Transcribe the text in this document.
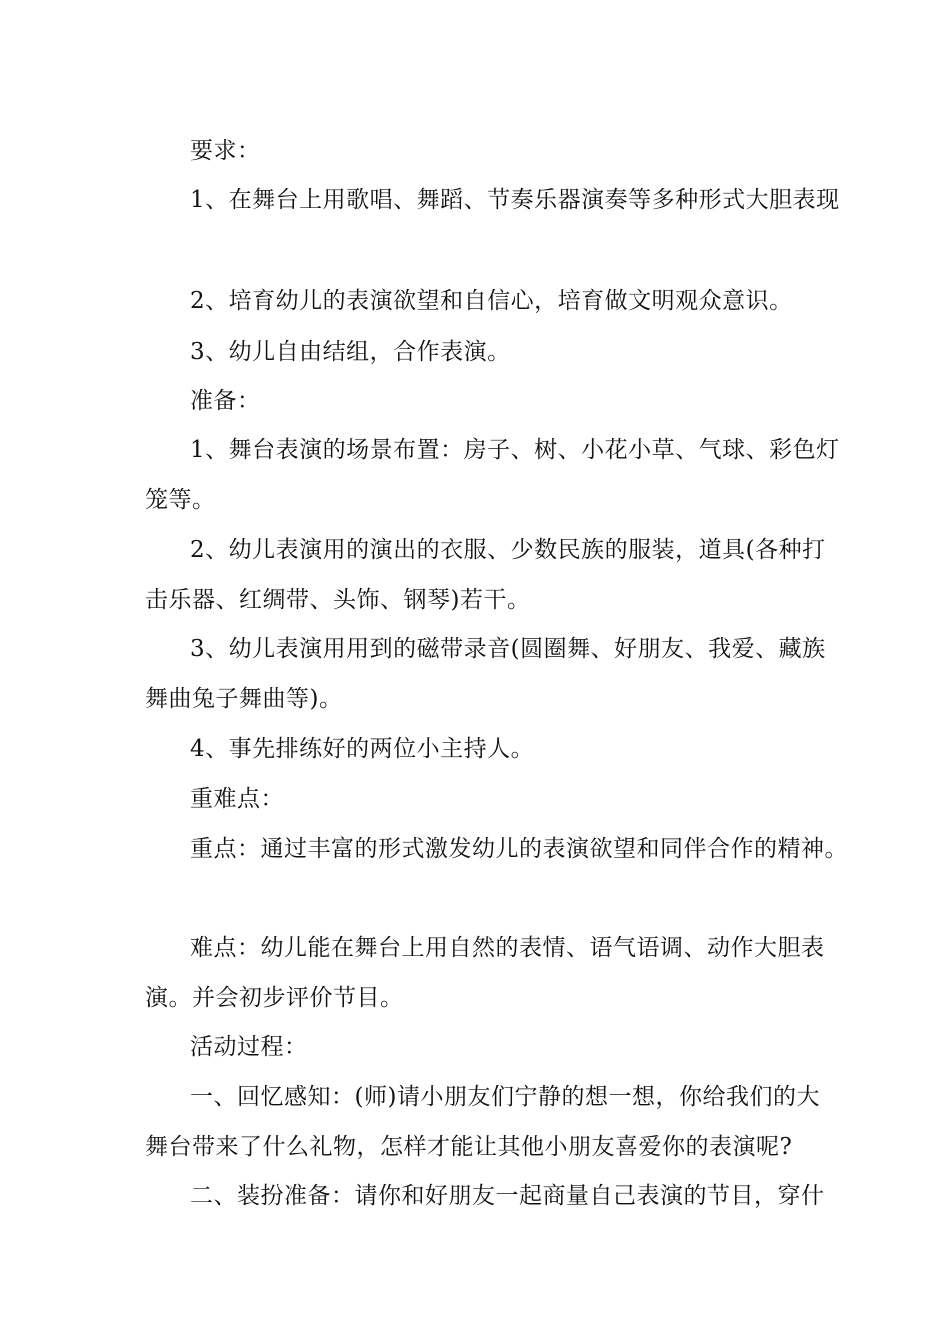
要求：
1、在舞台上用歌唱、舞蹈、节奏乐器演奏等多种形式大胆表现
2、培育幼儿的表演欲望和自信心，培育做文明观众意识。
3、幼儿自由结组，合作表演。
准备：
1、舞台表演的场景布置：房子、树、小花小草、气球、彩色灯
笼等。
2、幼儿表演用的演出的衣服、少数民族的服装，道具(各种打
击乐器、红绸带、头饰、钢琴)若干。
3、幼儿表演用用到的磁带录音(圆圈舞、好朋友、我爱、藏族
舞曲兔子舞曲等)。
4、事先排练好的两位小主持人。
重难点：
重点：通过丰富的形式激发幼儿的表演欲望和同伴合作的精神。
难点：幼儿能在舞台上用自然的表情、语气语调、动作大胆表
演。并会初步评价节目。
活动过程：
一、回忆感知：(师)请小朋友们宁静的想一想，你给我们的大
舞台带来了什么礼物，怎样才能让其他小朋友喜爱你的表演呢?
二、装扮准备：请你和好朋友一起商量自己表演的节目，穿什
